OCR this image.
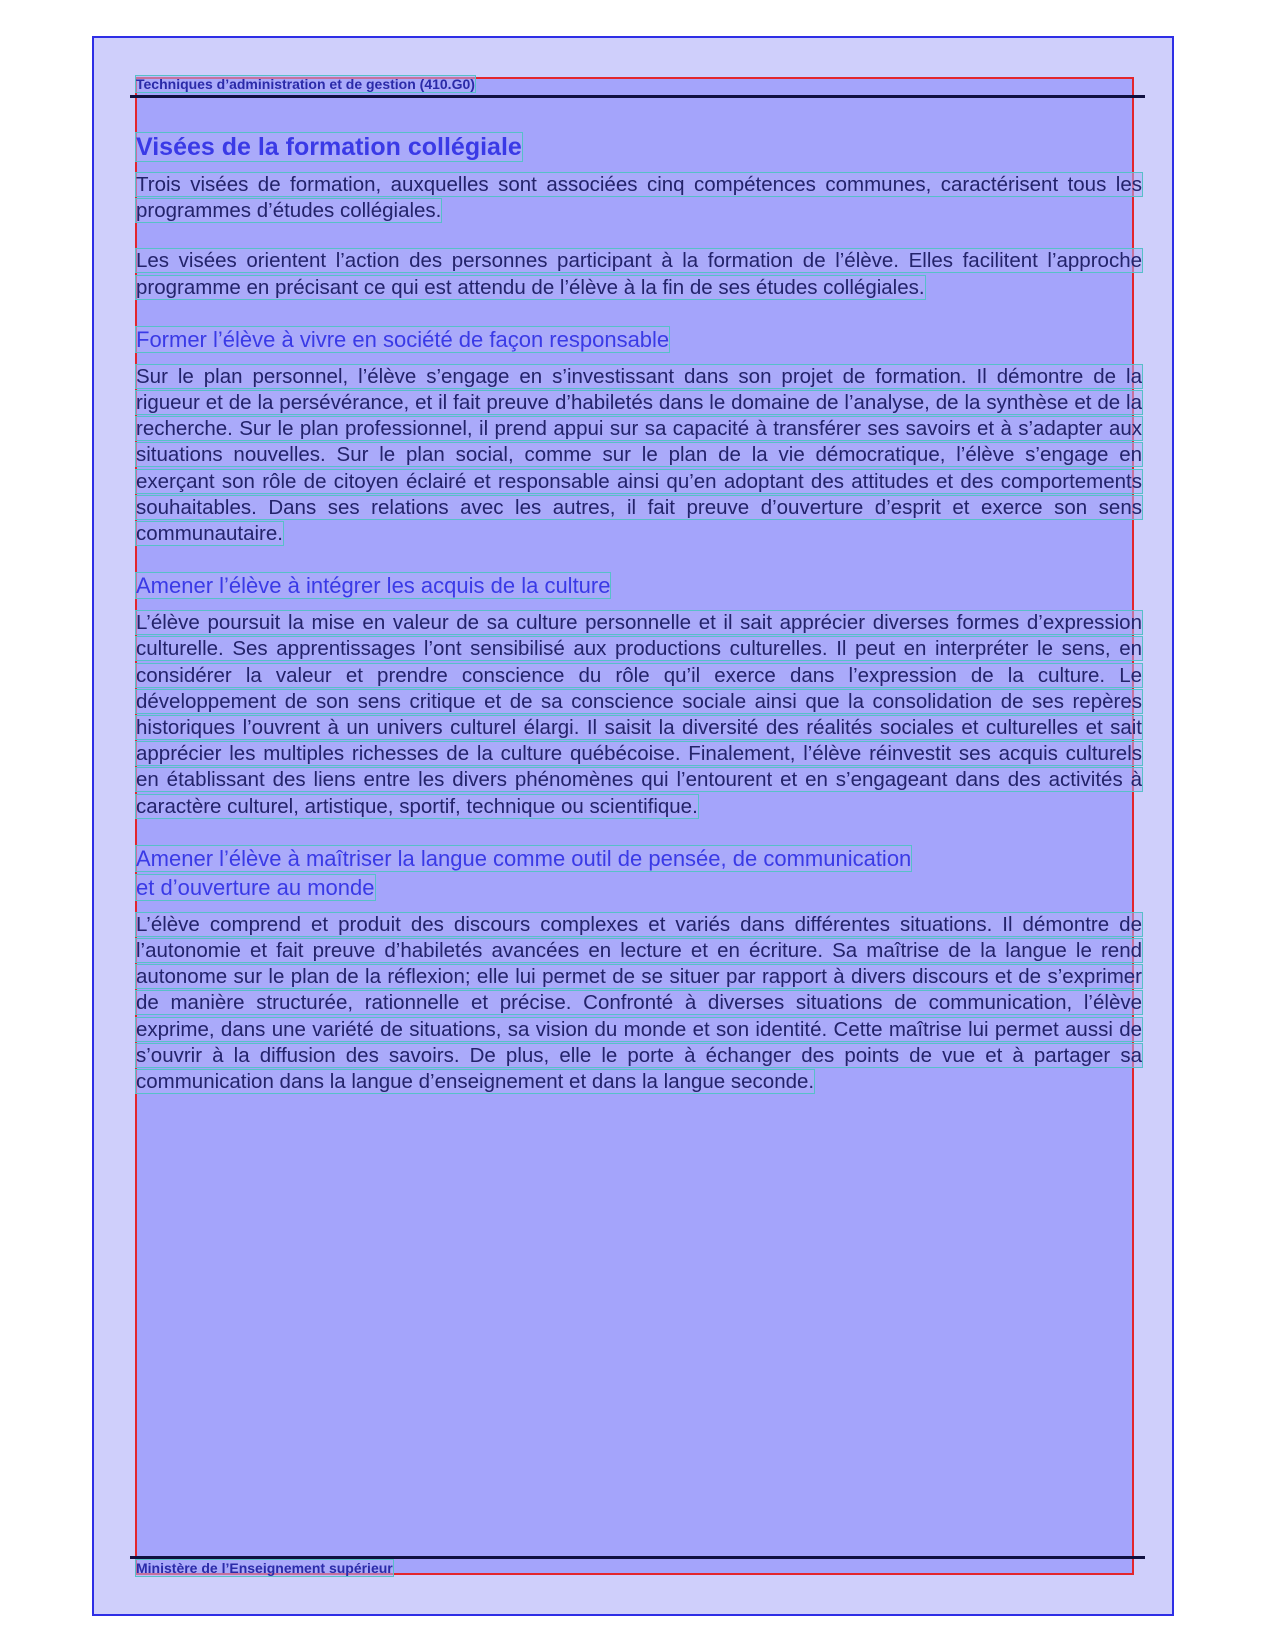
Techniques d’administration et de gestion (410.G0)
Visées de la formation collégiale

Trois visées de formation, auxquelles sont associées cinq compétences communes, caractérisent tous les programmes d’études collégiales.

Les visées orientent l’action des personnes participant à la formation de l’élève. Elles facilitent l’approche programme en précisant ce qui est attendu de l’élève à la fin de ses études collégiales.

Former l’élève à vivre en société de façon responsable

Sur le plan personnel, l’élève s’engage en s’investissant dans son projet de formation. Il démontre de la rigueur et de la persévérance, et il fait preuve d’habiletés dans le domaine de l’analyse, de la synthèse et de la recherche. Sur le plan professionnel, il prend appui sur sa capacité à transférer ses savoirs et à s’adapter aux situations nouvelles. Sur le plan social, comme sur le plan de la vie démocratique, l’élève s’engage en exerçant son rôle de citoyen éclairé et responsable ainsi qu’en adoptant des attitudes et des comportements souhaitables. Dans ses relations avec les autres, il fait preuve d’ouverture d’esprit et exerce son sens communautaire.

Amener l’élève à intégrer les acquis de la culture

L’élève poursuit la mise en valeur de sa culture personnelle et il sait apprécier diverses formes d’expression culturelle. Ses apprentissages l’ont sensibilisé aux productions culturelles. Il peut en interpréter le sens, en considérer la valeur et prendre conscience du rôle qu’il exerce dans l’expression de la culture. Le développement de son sens critique et de sa conscience sociale ainsi que la consolidation de ses repères historiques l’ouvrent à un univers culturel élargi. Il saisit la diversité des réalités sociales et culturelles et sait apprécier les multiples richesses de la culture québécoise. Finalement, l’élève réinvestit ses acquis culturels en établissant des liens entre les divers phénomènes qui l’entourent et en s’engageant dans des activités à caractère culturel, artistique, sportif, technique ou scientifique.

Amener l’élève à maîtriser la langue comme outil de pensée, de communication
et d’ouverture au monde

L’élève comprend et produit des discours complexes et variés dans différentes situations. Il démontre de l’autonomie et fait preuve d’habiletés avancées en lecture et en écriture. Sa maîtrise de la langue le rend autonome sur le plan de la réflexion; elle lui permet de se situer par rapport à divers discours et de s’exprimer de manière structurée, rationnelle et précise. Confronté à diverses situations de communication, l’élève exprime, dans une variété de situations, sa vision du monde et son identité. Cette maîtrise lui permet aussi de s’ouvrir à la diffusion des savoirs. De plus, elle le porte à échanger des points de vue et à partager sa communication dans la langue d’enseignement et dans la langue seconde.

Ministère de l’Enseignement supérieur
